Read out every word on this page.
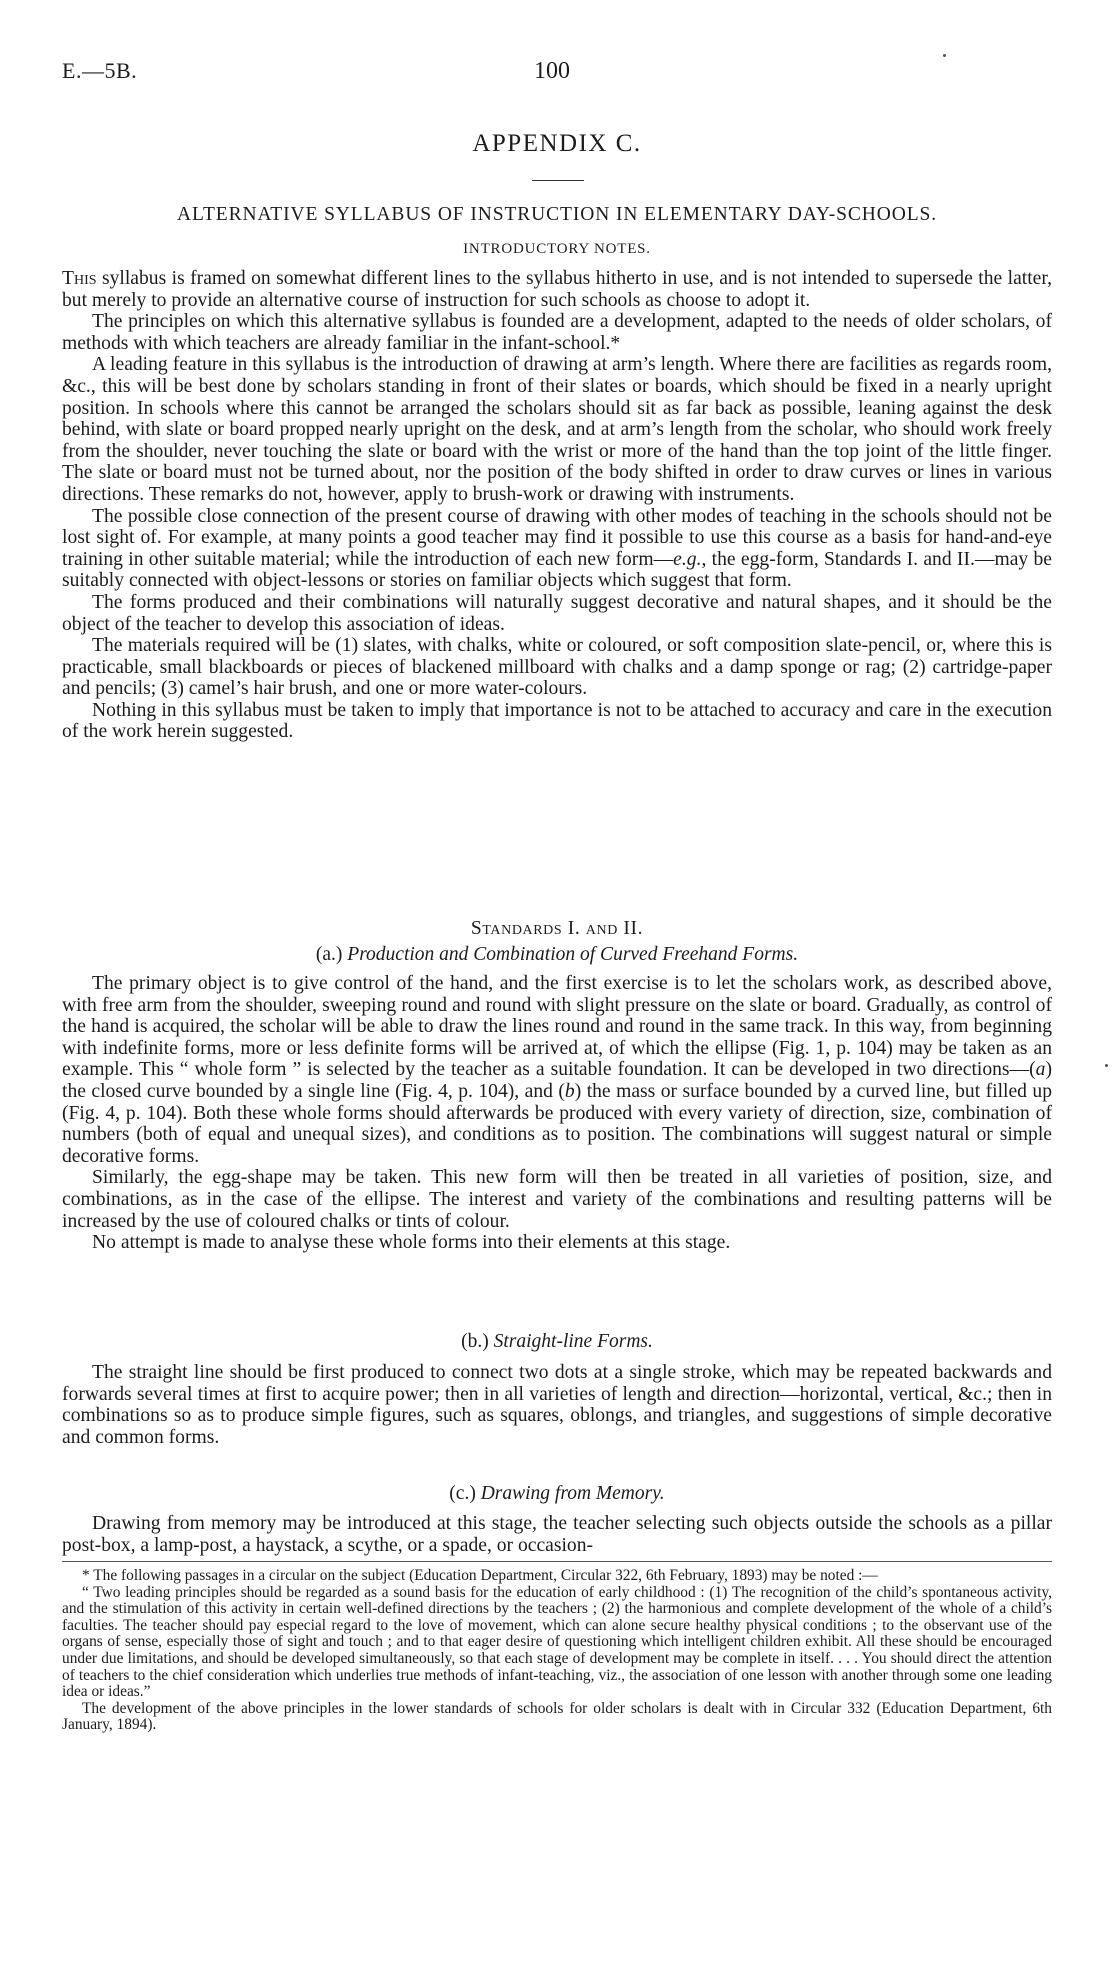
E.—5B.	100
APPENDIX C.
ALTERNATIVE SYLLABUS OF INSTRUCTION IN ELEMENTARY DAY-SCHOOLS.
INTRODUCTORY NOTES.

This syllabus is framed on somewhat different lines to the syllabus hitherto in use, and is not intended to supersede the latter, but merely to provide an alternative course of instruction for such schools as choose to adopt it.

The principles on which this alternative syllabus is founded are a development, adapted to the needs of older scholars, of methods with which teachers are already familiar in the infant-school.*

A leading feature in this syllabus is the introduction of drawing at arm’s length. Where there are facilities as regards room, &c., this will be best done by scholars standing in front of their slates or boards, which should be fixed in a nearly upright position. In schools where this cannot be arranged the scholars should sit as far back as possible, leaning against the desk behind, with slate or board propped nearly upright on the desk, and at arm’s length from the scholar, who should work freely from the shoulder, never touching the slate or board with the wrist or more of the hand than the top joint of the little finger. The slate or board must not be turned about, nor the position of the body shifted in order to draw curves or lines in various directions. These remarks do not, however, apply to brush-work or drawing with instruments.

The possible close connection of the present course of drawing with other modes of teaching in the schools should not be lost sight of. For example, at many points a good teacher may find it possible to use this course as a basis for hand-and-eye training in other suitable material; while the introduction of each new form—e.g., the egg-form, Standards I. and II.—may be suitably connected with object-lessons or stories on familiar objects which suggest that form.

The forms produced and their combinations will naturally suggest decorative and natural shapes, and it should be the object of the teacher to develop this association of ideas.

The materials required will be (1) slates, with chalks, white or coloured, or soft composition slate-pencil, or, where this is practicable, small blackboards or pieces of blackened millboard with chalks and a damp sponge or rag; (2) cartridge-paper and pencils; (3) camel’s hair brush, and one or more water-colours.

Nothing in this syllabus must be taken to imply that importance is not to be attached to accuracy and care in the execution of the work herein suggested.

Standards I. and II.
(a.) Production and Combination of Curved Freehand Forms.

The primary object is to give control of the hand, and the first exercise is to let the scholars work, as described above, with free arm from the shoulder, sweeping round and round with slight pressure on the slate or board. Gradually, as control of the hand is acquired, the scholar will be able to draw the lines round and round in the same track. In this way, from beginning with indefinite forms, more or less definite forms will be arrived at, of which the ellipse (Fig. 1, p. 104) may be taken as an example. This “ whole form ” is selected by the teacher as a suitable foundation. It can be developed in two directions—(a) the closed curve bounded by a single line (Fig. 4, p. 104), and (b) the mass or surface bounded by a curved line, but filled up (Fig. 4, p. 104). Both these whole forms should afterwards be produced with every variety of direction, size, combination of numbers (both of equal and unequal sizes), and conditions as to position. The combinations will suggest natural or simple decorative forms.

Similarly, the egg-shape may be taken. This new form will then be treated in all varieties of position, size, and combinations, as in the case of the ellipse. The interest and variety of the combinations and resulting patterns will be increased by the use of coloured chalks or tints of colour.

No attempt is made to analyse these whole forms into their elements at this stage.

(b.) Straight-line Forms.

The straight line should be first produced to connect two dots at a single stroke, which may be repeated backwards and forwards several times at first to acquire power; then in all varieties of length and direction—horizontal, vertical, &c.; then in combinations so as to produce simple figures, such as squares, oblongs, and triangles, and suggestions of simple decorative and common forms.

(c.) Drawing from Memory.

Drawing from memory may be introduced at this stage, the teacher selecting such objects outside the schools as a pillar post-box, a lamp-post, a haystack, a scythe, or a spade, or occasion-

* The following passages in a circular on the subject (Education Department, Circular 322, 6th February, 1893) may be noted :—

“ Two leading principles should be regarded as a sound basis for the education of early childhood : (1) The recognition of the child’s spontaneous activity, and the stimulation of this activity in certain well-defined directions by the teachers ; (2) the harmonious and complete development of the whole of a child’s faculties. The teacher should pay especial regard to the love of movement, which can alone secure healthy physical conditions ; to the observant use of the organs of sense, especially those of sight and touch ; and to that eager desire of questioning which intelligent children exhibit. All these should be encouraged under due limitations, and should be developed simultaneously, so that each stage of development may be complete in itself. . . . You should direct the attention of teachers to the chief consideration which underlies true methods of infant-teaching, viz., the association of one lesson with another through some one leading idea or ideas.”

The development of the above principles in the lower standards of schools for older scholars is dealt with in Circular 332 (Education Department, 6th January, 1894).
